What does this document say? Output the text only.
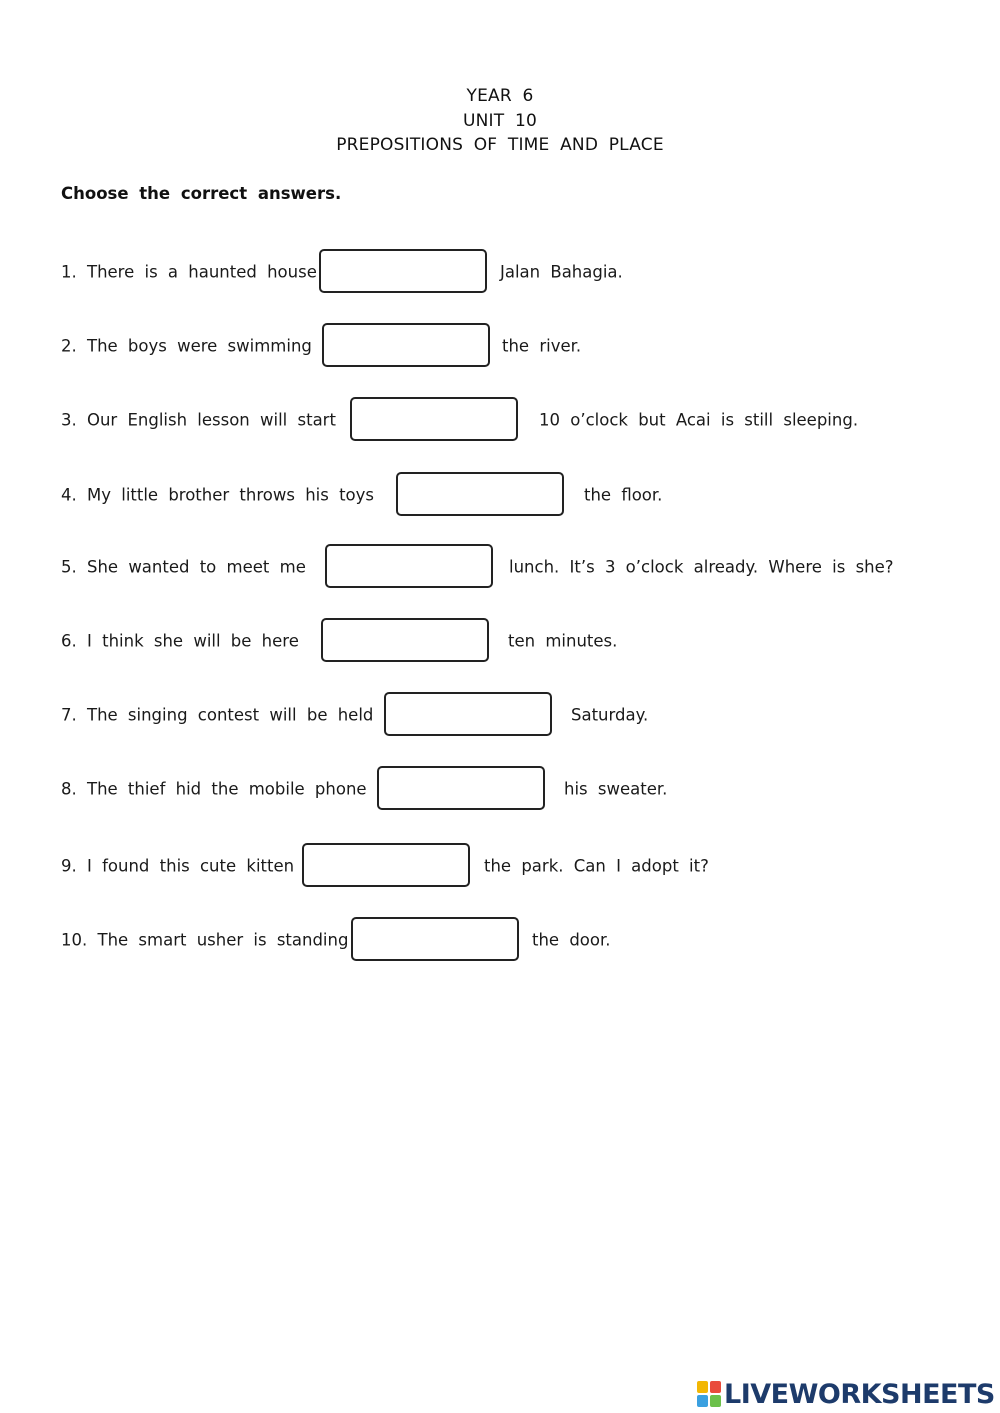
YEAR 6
UNIT 10
PREPOSITIONS OF TIME AND PLACE
Choose the correct answers.
1. There is a haunted house	Jalan Bahagia.
2. The boys were swimming	the river.
3. Our English lesson will start	10 o’clock but Acai is still sleeping.
4. My little brother throws his toys	the floor.
5. She wanted to meet me	lunch. It’s 3 o’clock already. Where is she?
6. I think she will be here	ten minutes.
7. The singing contest will be held	Saturday.
8. The thief hid the mobile phone	his sweater.
9. I found this cute kitten	the park. Can I adopt it?
10. The smart usher is standing	the door.
LIVEWORKSHEETS
